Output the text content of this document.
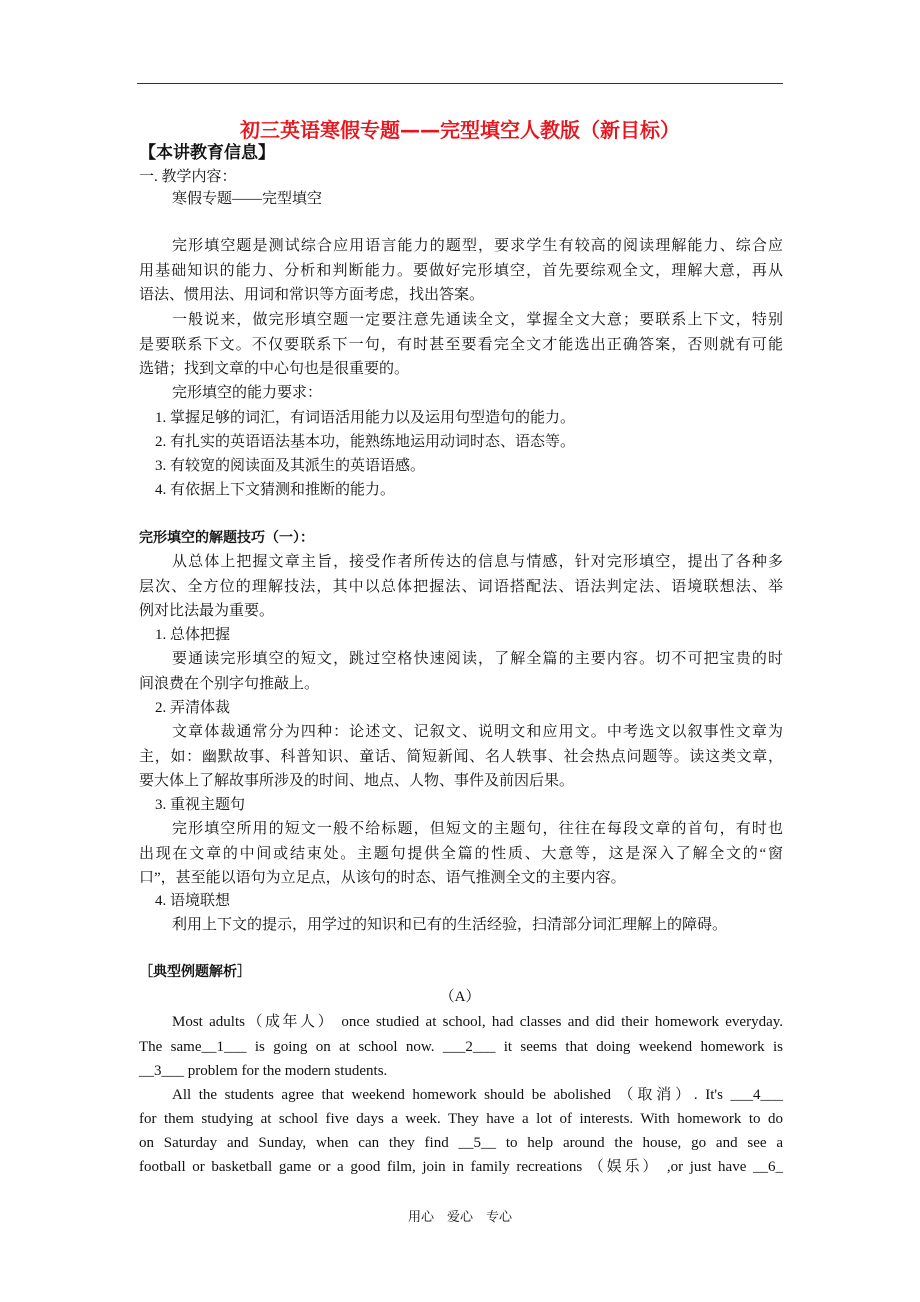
初三英语寒假专题——完型填空人教版（新目标）
【本讲教育信息】
一. 教学内容：
寒假专题——完型填空
完形填空题是测试综合应用语言能力的题型，要求学生有较高的阅读理解能力、综合应
用基础知识的能力、分析和判断能力。要做好完形填空，首先要综观全文，理解大意，再从
语法、惯用法、用词和常识等方面考虑，找出答案。
一般说来，做完形填空题一定要注意先通读全文，掌握全文大意；要联系上下文，特别
是要联系下文。不仅要联系下一句，有时甚至要看完全文才能选出正确答案，否则就有可能
选错；找到文章的中心句也是很重要的。
完形填空的能力要求：
1. 掌握足够的词汇，有词语活用能力以及运用句型造句的能力。
2. 有扎实的英语语法基本功，能熟练地运用动词时态、语态等。
3. 有较宽的阅读面及其派生的英语语感。
4. 有依据上下文猜测和推断的能力。
完形填空的解题技巧（一）：
从总体上把握文章主旨，接受作者所传达的信息与情感，针对完形填空，提出了各种多
层次、全方位的理解技法，其中以总体把握法、词语搭配法、语法判定法、语境联想法、举
例对比法最为重要。
1. 总体把握
要通读完形填空的短文，跳过空格快速阅读，了解全篇的主要内容。切不可把宝贵的时
间浪费在个别字句推敲上。
2. 弄清体裁
文章体裁通常分为四种：论述文、记叙文、说明文和应用文。中考选文以叙事性文章为
主，如：幽默故事、科普知识、童话、简短新闻、名人轶事、社会热点问题等。读这类文章，
要大体上了解故事所涉及的时间、地点、人物、事件及前因后果。
3. 重视主题句
完形填空所用的短文一般不给标题，但短文的主题句，往往在每段文章的首句，有时也
出现在文章的中间或结束处。主题句提供全篇的性质、大意等，这是深入了解全文的“窗
口”，甚至能以语句为立足点，从该句的时态、语气推测全文的主要内容。
4. 语境联想
利用上下文的提示，用学过的知识和已有的生活经验，扫清部分词汇理解上的障碍。
［典型例题解析］
（A）
Most adults（成年人） once studied at school, had classes and did their homework everyday.
The same__1___ is going on at school now. ___2___ it seems that doing weekend homework is
__3___ problem for the modern students.
All the students agree that weekend homework should be abolished （取消）. It's ___4___
for them studying at school five days a week. They have a lot of interests. With homework to do
on Saturday and Sunday, when can they find __5__ to help around the house, go and see a
football or basketball game or a good film, join in family recreations （娱乐） ,or just have __6_
用心　爱心　专心
